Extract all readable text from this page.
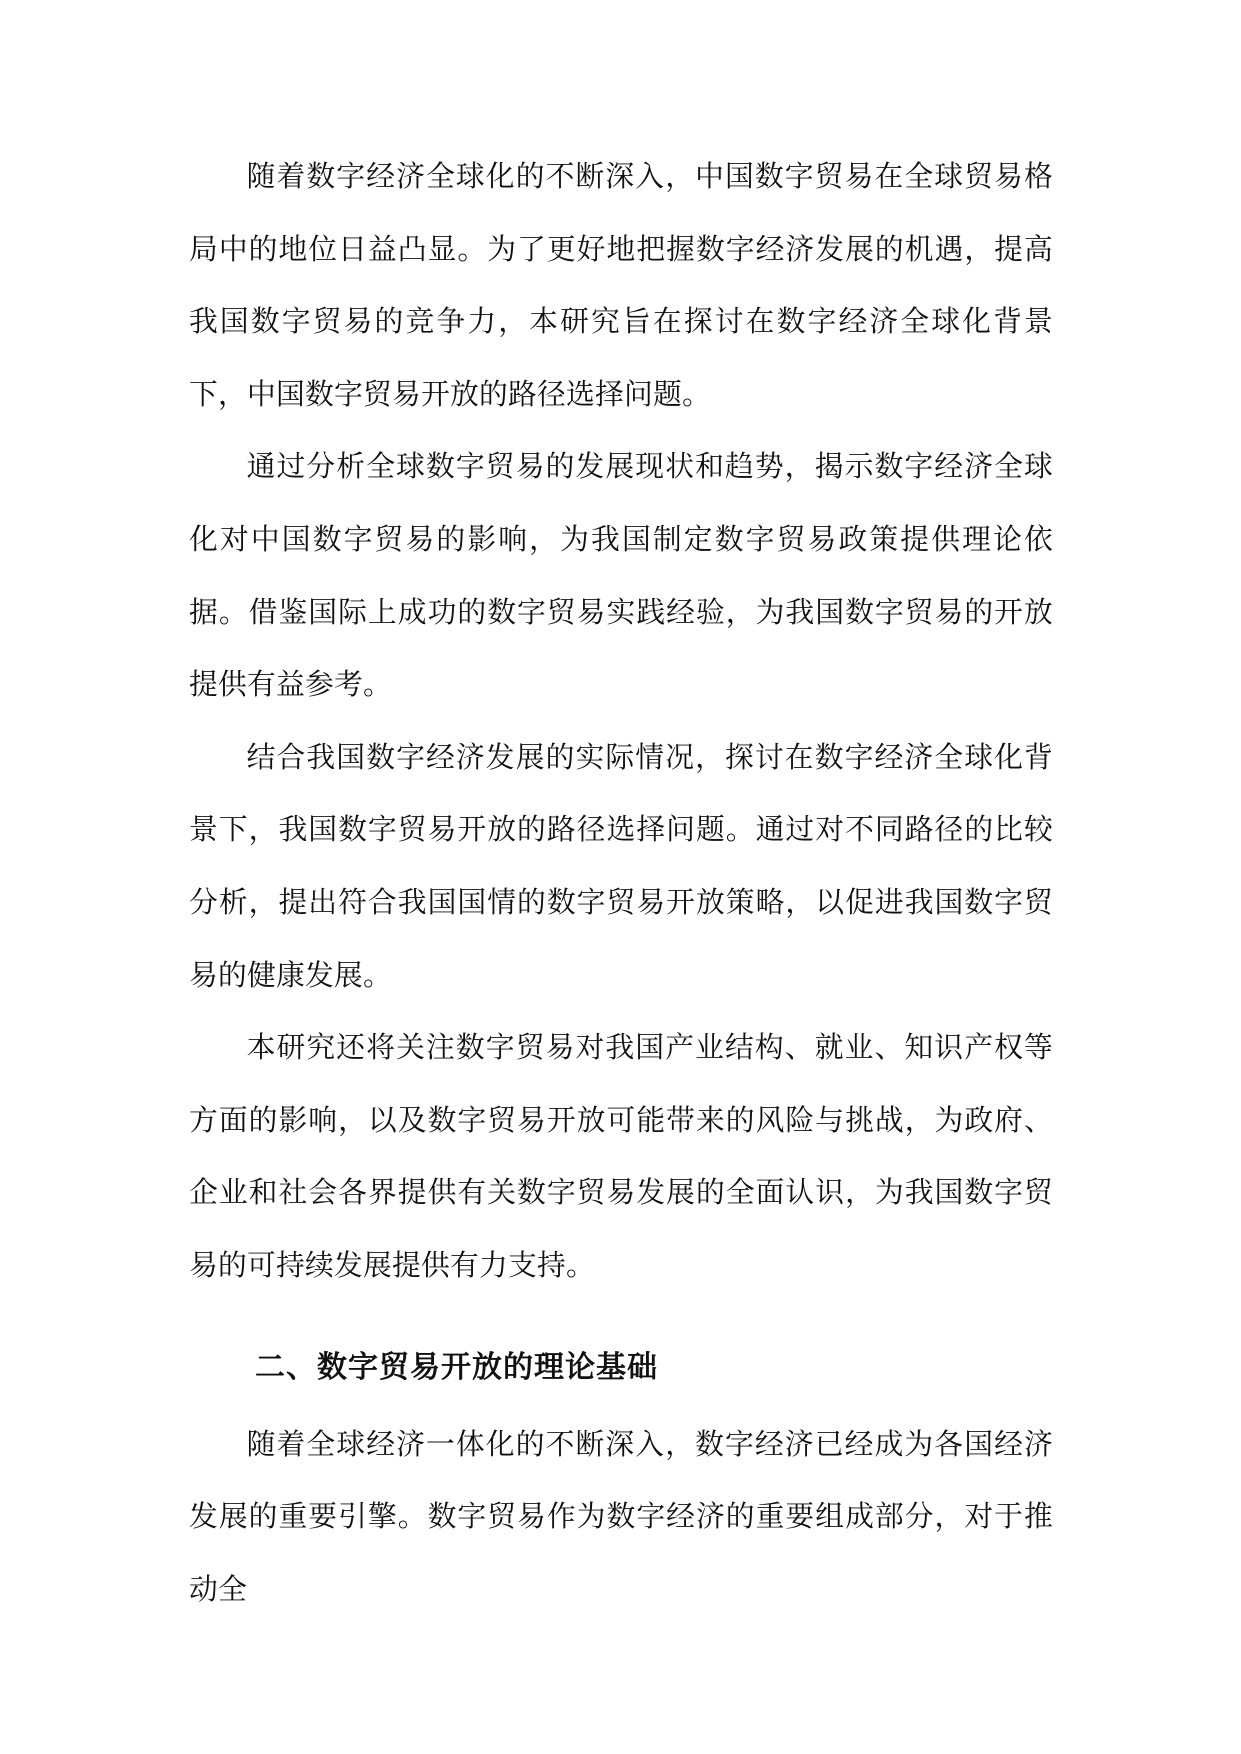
随着数字经济全球化的不断深入，中国数字贸易在全球贸易格局中的地位日益凸显。为了更好地把握数字经济发展的机遇，提高我国数字贸易的竞争力，本研究旨在探讨在数字经济全球化背景下，中国数字贸易开放的路径选择问题。

通过分析全球数字贸易的发展现状和趋势，揭示数字经济全球化对中国数字贸易的影响，为我国制定数字贸易政策提供理论依据。借鉴国际上成功的数字贸易实践经验，为我国数字贸易的开放提供有益参考。

结合我国数字经济发展的实际情况，探讨在数字经济全球化背景下，我国数字贸易开放的路径选择问题。通过对不同路径的比较分析，提出符合我国国情的数字贸易开放策略，以促进我国数字贸易的健康发展。

本研究还将关注数字贸易对我国产业结构、就业、知识产权等方面的影响，以及数字贸易开放可能带来的风险与挑战，为政府、企业和社会各界提供有关数字贸易发展的全面认识，为我国数字贸易的可持续发展提供有力支持。

二、数字贸易开放的理论基础

随着全球经济一体化的不断深入，数字经济已经成为各国经济发展的重要引擎。数字贸易作为数字经济的重要组成部分，对于推动全
